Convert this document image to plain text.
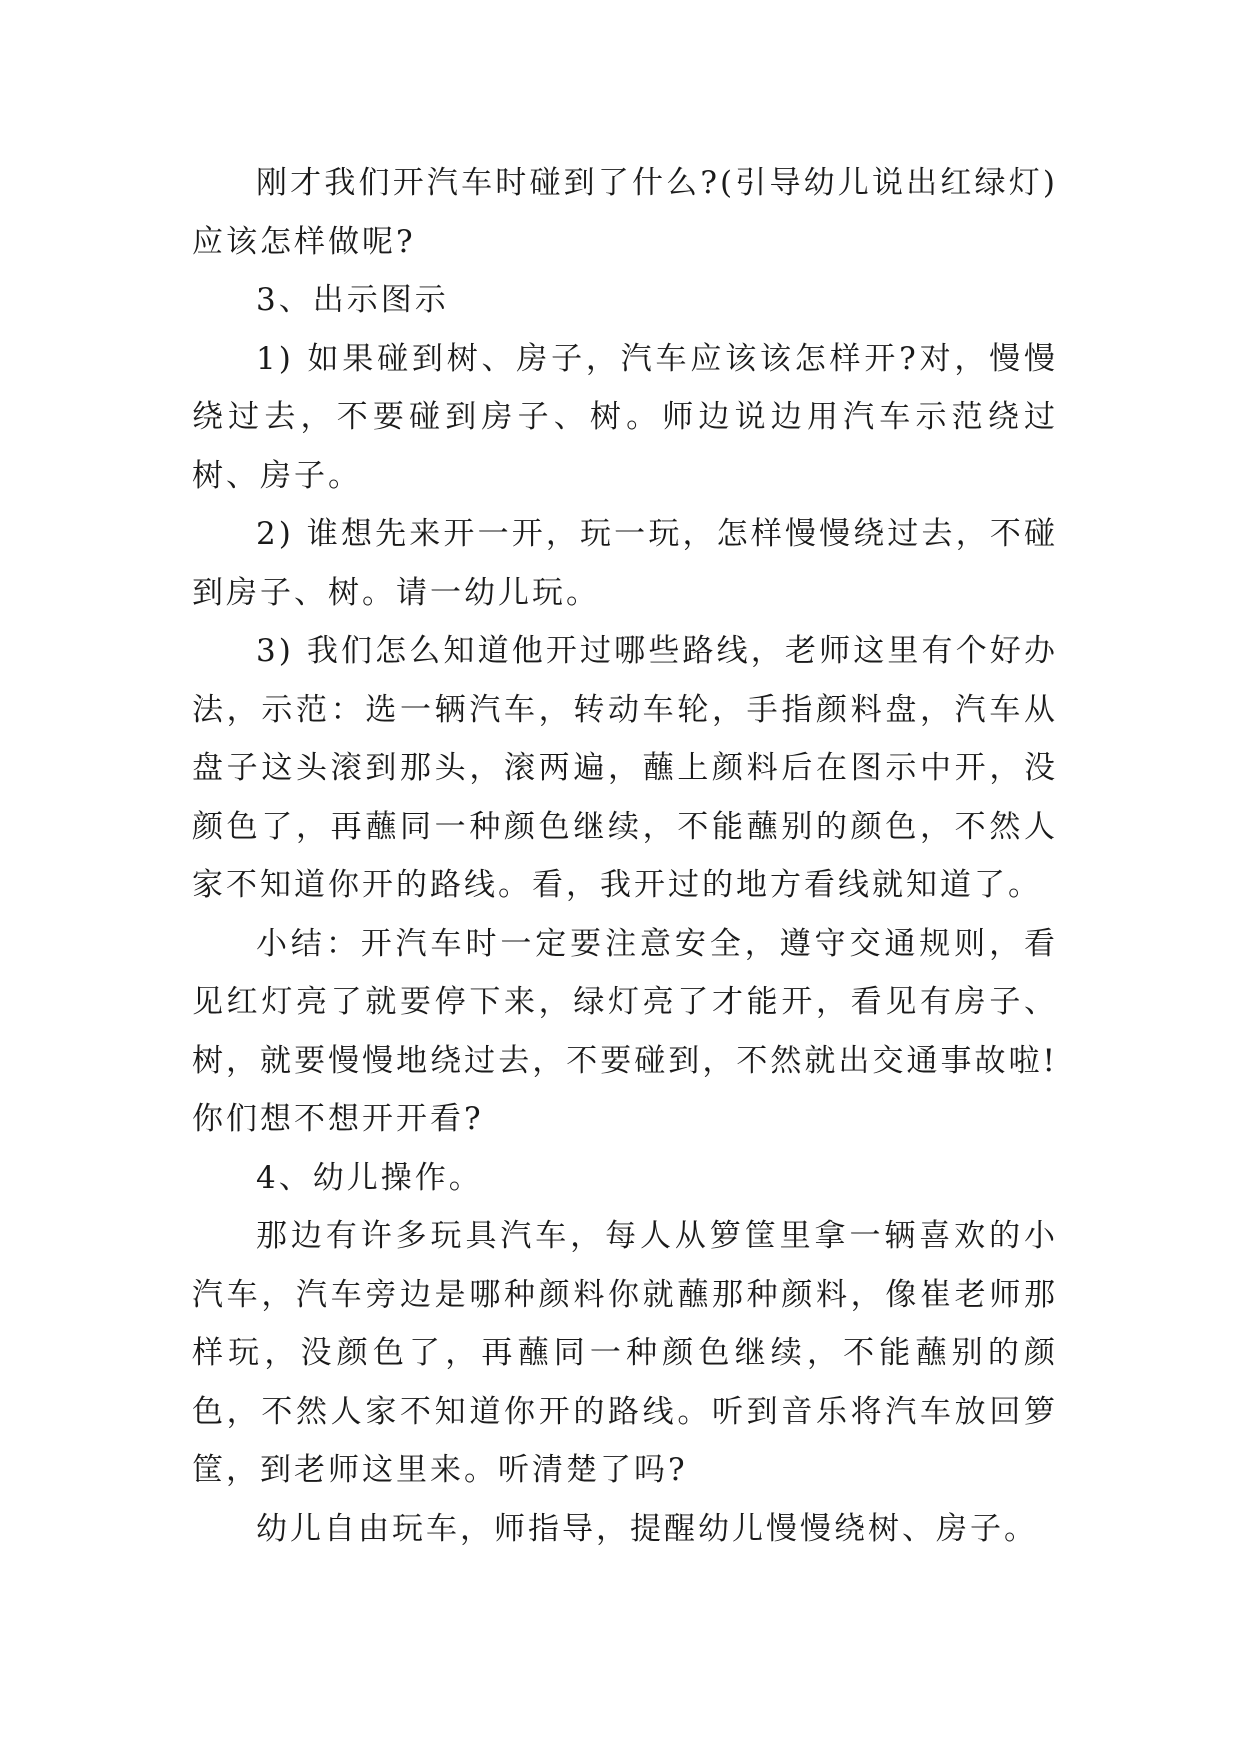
刚才我们开汽车时碰到了什么?(引导幼儿说出红绿灯)应该怎样做呢?

3、出示图示

1) 如果碰到树、房子，汽车应该该怎样开?对，慢慢绕过去，不要碰到房子、树。师边说边用汽车示范绕过树、房子。

2) 谁想先来开一开，玩一玩，怎样慢慢绕过去，不碰到房子、树。请一幼儿玩。

3) 我们怎么知道他开过哪些路线，老师这里有个好办法，示范：选一辆汽车，转动车轮，手指颜料盘，汽车从盘子这头滚到那头，滚两遍，蘸上颜料后在图示中开，没颜色了，再蘸同一种颜色继续，不能蘸别的颜色，不然人家不知道你开的路线。看，我开过的地方看线就知道了。

小结：开汽车时一定要注意安全，遵守交通规则，看见红灯亮了就要停下来，绿灯亮了才能开，看见有房子、树，就要慢慢地绕过去，不要碰到，不然就出交通事故啦!你们想不想开开看?

4、幼儿操作。

那边有许多玩具汽车，每人从箩筐里拿一辆喜欢的小汽车，汽车旁边是哪种颜料你就蘸那种颜料，像崔老师那样玩，没颜色了，再蘸同一种颜色继续，不能蘸别的颜色，不然人家不知道你开的路线。听到音乐将汽车放回箩筐，到老师这里来。听清楚了吗?

幼儿自由玩车，师指导，提醒幼儿慢慢绕树、房子。
